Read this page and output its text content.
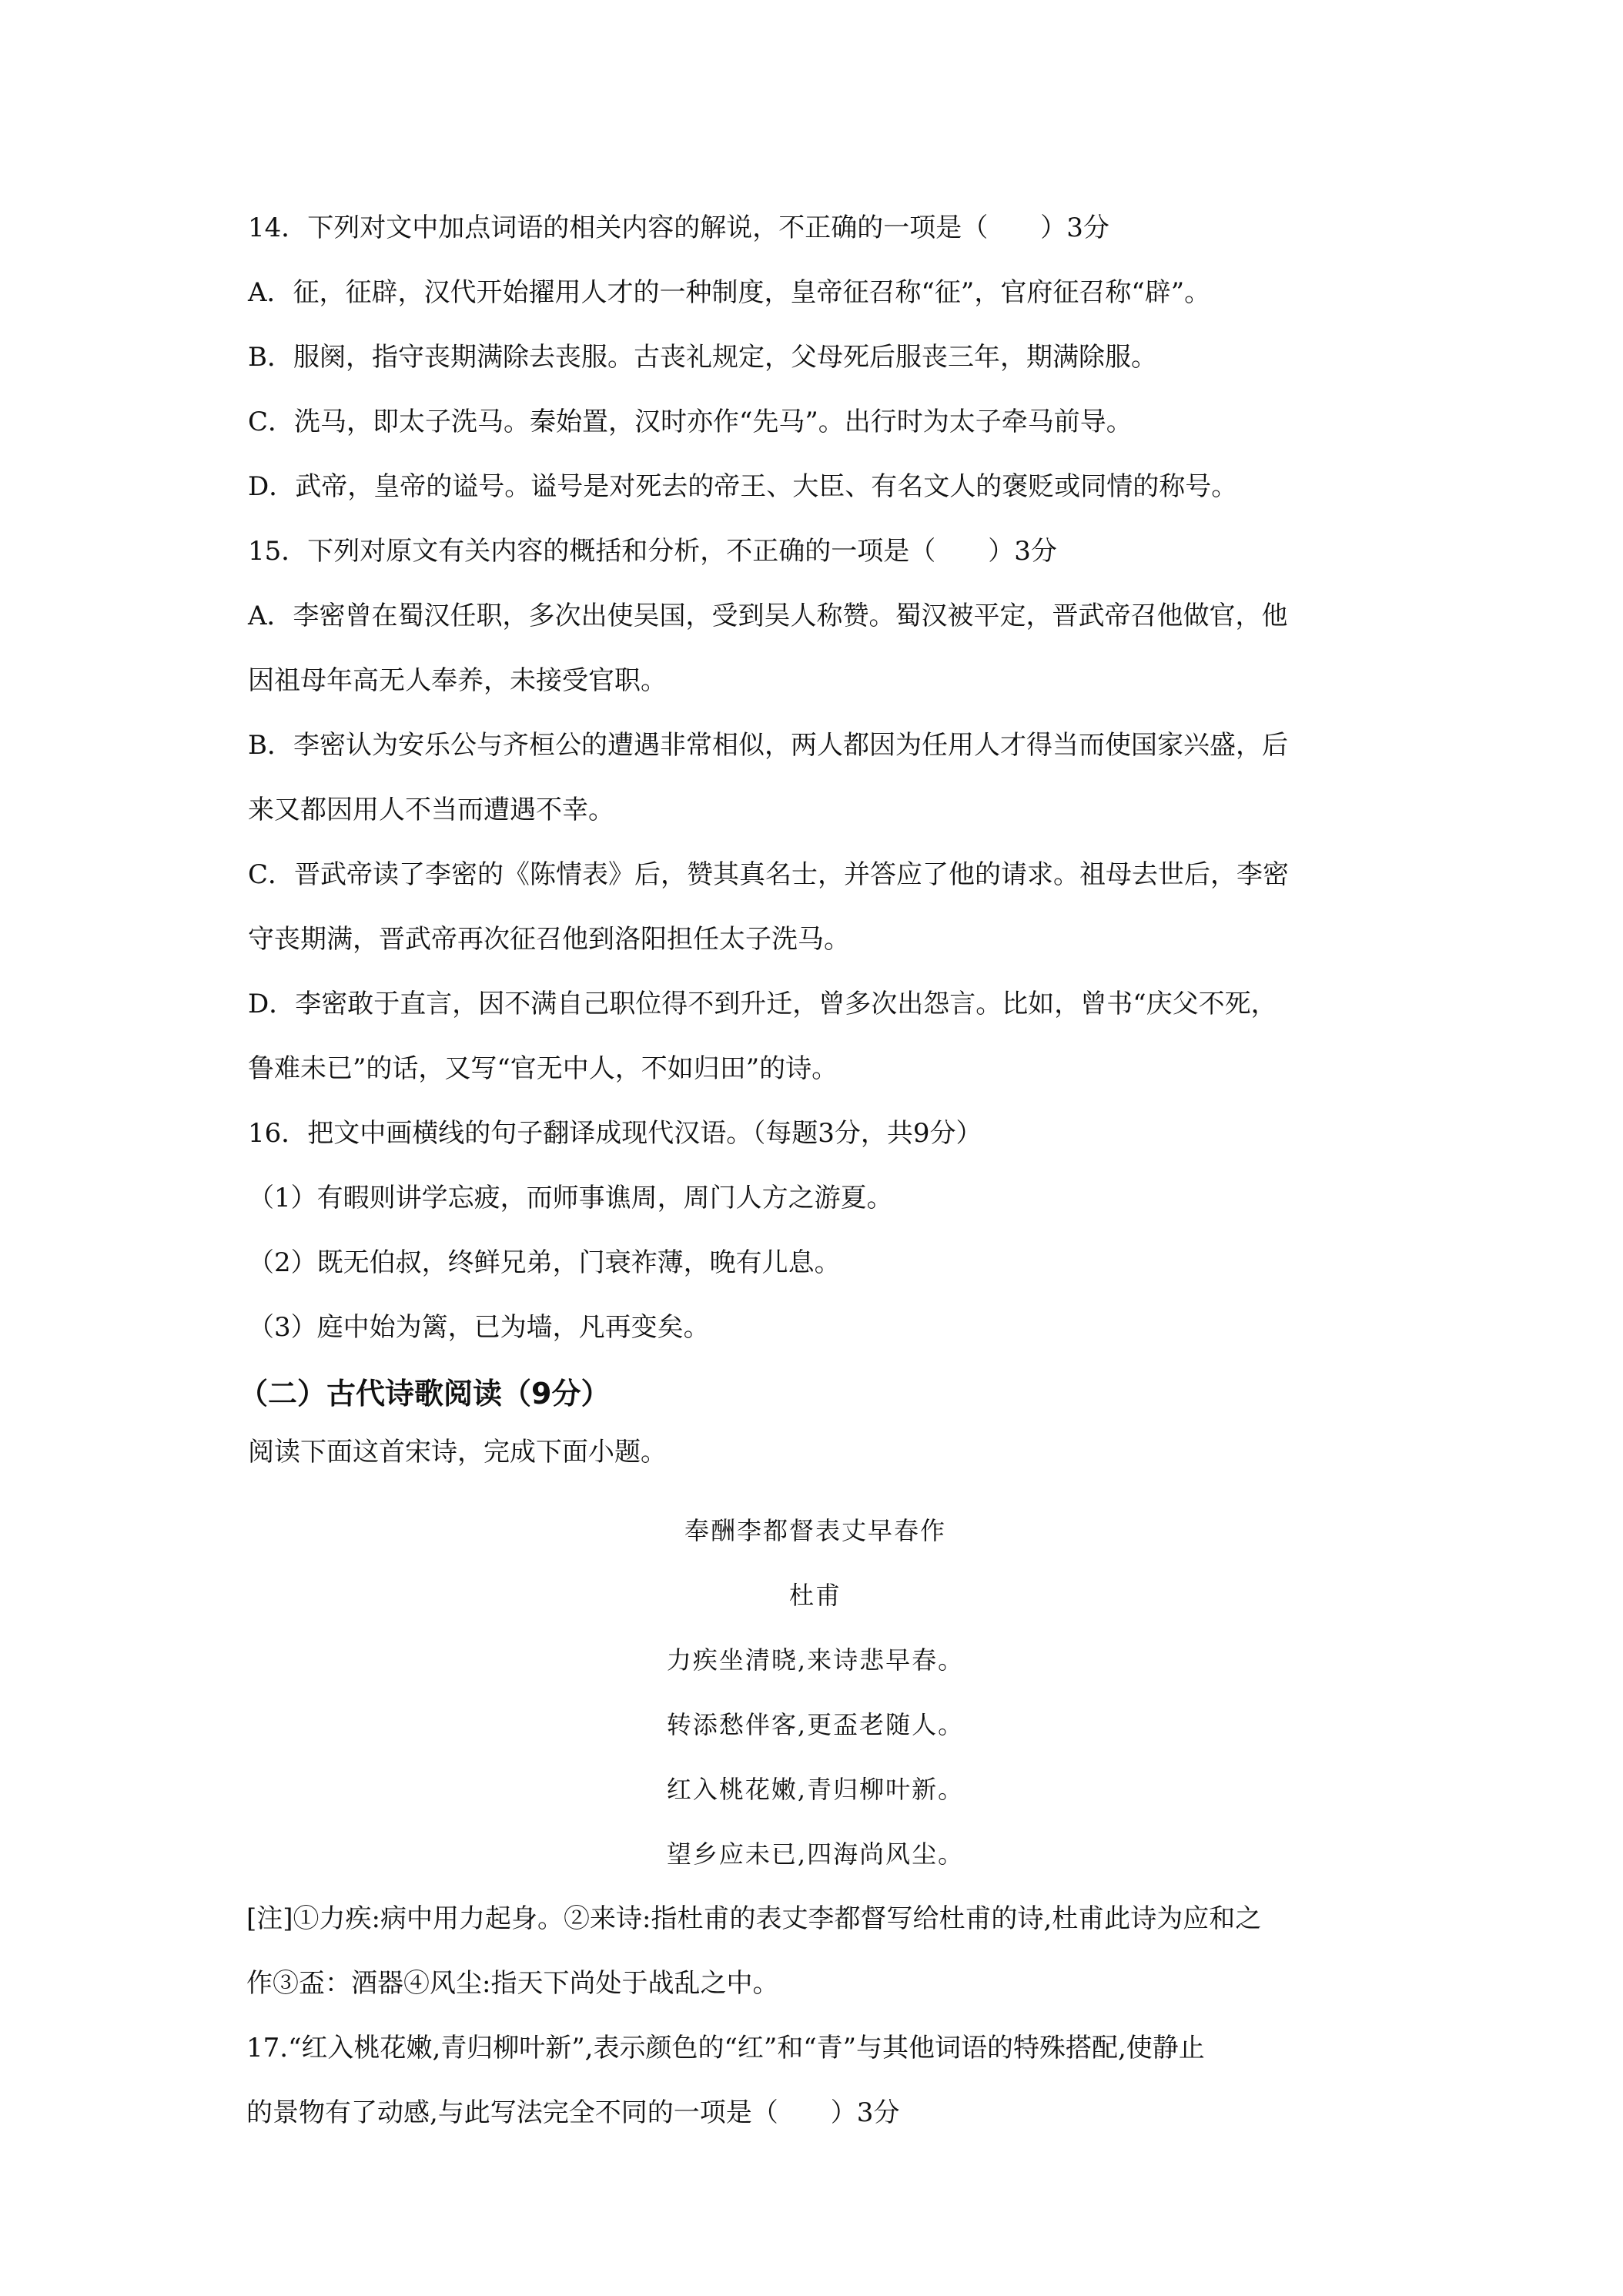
14．下列对文中加点词语的相关内容的解说，不正确的一项是（　　）3分
A．征，征辟，汉代开始擢用人才的一种制度，皇帝征召称“征”，官府征召称“辟”。
B．服阕，指守丧期满除去丧服。古丧礼规定，父母死后服丧三年，期满除服。
C．洗马，即太子洗马。秦始置，汉时亦作“先马”。出行时为太子牵马前导。
D．武帝，皇帝的谥号。谥号是对死去的帝王、大臣、有名文人的褒贬或同情的称号。
15．下列对原文有关内容的概括和分析，不正确的一项是（　　）3分
A．李密曾在蜀汉任职，多次出使吴国，受到吴人称赞。蜀汉被平定，晋武帝召他做官，他
因祖母年高无人奉养，未接受官职。
B．李密认为安乐公与齐桓公的遭遇非常相似，两人都因为任用人才得当而使国家兴盛，后
来又都因用人不当而遭遇不幸。
C．晋武帝读了李密的《陈情表》后，赞其真名士，并答应了他的请求。祖母去世后，李密
守丧期满，晋武帝再次征召他到洛阳担任太子洗马。
D．李密敢于直言，因不满自己职位得不到升迁，曾多次出怨言。比如，曾书“庆父不死，
鲁难未已”的话，又写“官无中人，不如归田”的诗。
16．把文中画横线的句子翻译成现代汉语。（每题3分，共9分）
（1）有暇则讲学忘疲，而师事谯周，周门人方之游夏。
（2）既无伯叔，终鲜兄弟，门衰祚薄，晚有儿息。
（3）庭中始为篱，已为墙，凡再变矣。
（二）古代诗歌阅读（9分）
阅读下面这首宋诗，完成下面小题。
奉酬李都督表丈早春作
杜甫
力疾坐清晓,来诗悲早春。
转添愁伴客,更盃老随人。
红入桃花嫩,青归柳叶新。
望乡应未已,四海尚风尘。
[注]①力疾:病中用力起身。②来诗:指杜甫的表丈李都督写给杜甫的诗,杜甫此诗为应和之
作③盃：酒器④风尘:指天下尚处于战乱之中。
17.“红入桃花嫩,青归柳叶新”,表示颜色的“红”和“青”与其他词语的特殊搭配,使静止
的景物有了动感,与此写法完全不同的一项是（　　）3分
